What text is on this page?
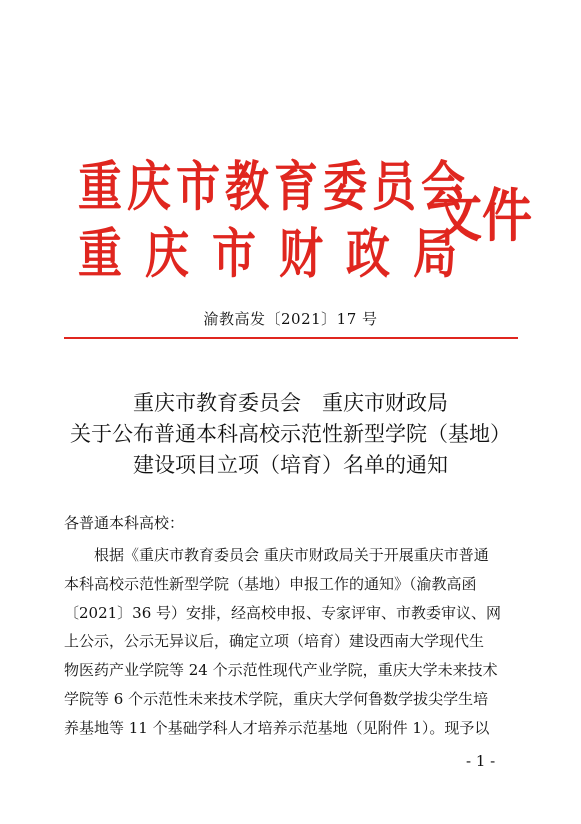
重庆市教育委员会
重庆市财政局
文件
渝教高发〔2021〕17 号
重庆市教育委员会　重庆市财政局
关于公布普通本科高校示范性新型学院（基地）
建设项目立项（培育）名单的通知
各普通本科高校：
根据《重庆市教育委员会 重庆市财政局关于开展重庆市普通
本科高校示范性新型学院（基地）申报工作的通知》（渝教高函
〔2021〕36 号）安排，经高校申报、专家评审、市教委审议、网
上公示，公示无异议后，确定立项（培育）建设西南大学现代生
物医药产业学院等 24 个示范性现代产业学院，重庆大学未来技术
学院等 6 个示范性未来技术学院，重庆大学何鲁数学拔尖学生培
养基地等 11 个基础学科人才培养示范基地（见附件 1）。现予以
- 1 -
